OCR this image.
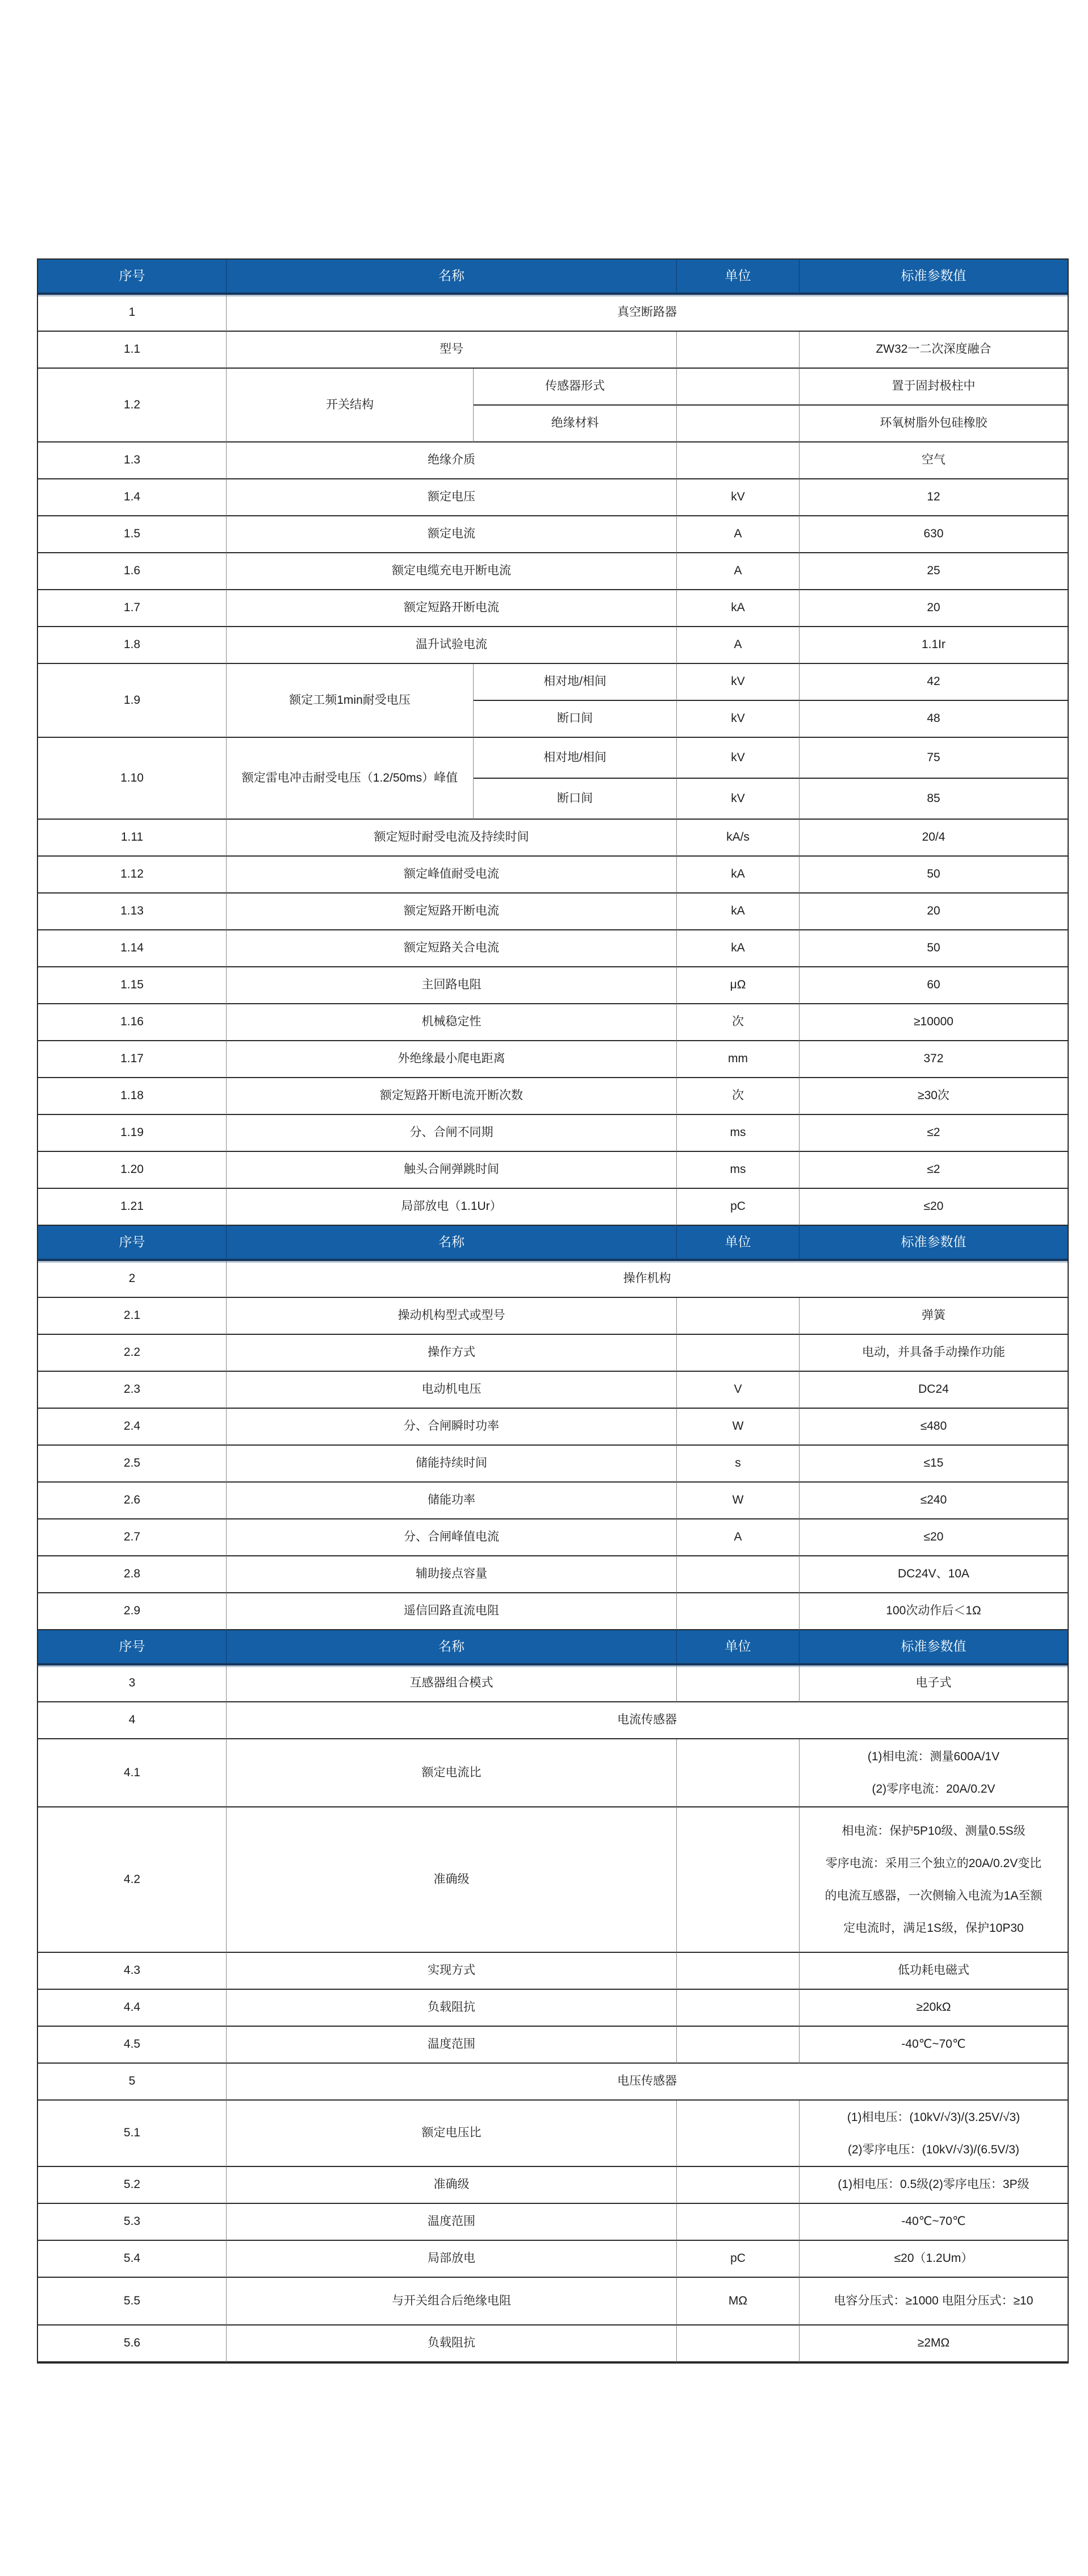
序号	名称		单位	标准参数值
1	真空断路器			
1.1	型号			ZW32一二次深度融合
1.2	开关结构	传感器形式		置于固封极柱中
		绝缘材料		环氧树脂外包硅橡胶
1.3	绝缘介质			空气
1.4	额定电压		kV	12
1.5	额定电流		A	630
1.6	额定电缆充电开断电流		A	25
1.7	额定短路开断电流		kA	20
1.8	温升试验电流		A	1.1Ir
1.9	额定工频1min耐受电压	相对地/相间	kV	42
		断口间	kV	48
1.10	额定雷电冲击耐受电压（1.2/50ms）峰值	相对地/相间	kV	75
		断口间	kV	85
1.11	额定短时耐受电流及持续时间		kA/s	20/4
1.12	额定峰值耐受电流		kA	50
1.13	额定短路开断电流		kA	20
1.14	额定短路关合电流		kA	50
1.15	主回路电阻		μΩ	60
1.16	机械稳定性		次	≥10000
1.17	外绝缘最小爬电距离		mm	372
1.18	额定短路开断电流开断次数		次	≥30次
1.19	分、合闸不同期		ms	≤2
1.20	触头合闸弹跳时间		ms	≤2
1.21	局部放电（1.1Ur）		pC	≤20
序号	名称		单位	标准参数值
2	操作机构			
2.1	操动机构型式或型号			弹簧
2.2	操作方式			电动，并具备手动操作功能
2.3	电动机电压		V	DC24
2.4	分、合闸瞬时功率		W	≤480
2.5	储能持续时间		s	≤15
2.6	储能功率		W	≤240
2.7	分、合闸峰值电流		A	≤20
2.8	辅助接点容量			DC24V、10A
2.9	遥信回路直流电阻			100次动作后＜1Ω
序号	名称		单位	标准参数值
3	互感器组合模式			电子式
4	电流传感器			
4.1	额定电流比			(1)相电流：测量600A/1V
(2)零序电流：20A/0.2V

4.2	准确级			相电流：保护5P10级、测量0.5S级
零序电流：采用三个独立的20A/0.2V变比
的电流互感器，一次侧输入电流为1A至额
定电流时，满足1S级，保护10P30

4.3	实现方式			低功耗电磁式
4.4	负载阻抗			≥20kΩ
4.5	温度范围			-40℃~70℃
5	电压传感器			
5.1	额定电压比			(1)相电压：(10kV/√3)/(3.25V/√3)
(2)零序电压：(10kV/√3)/(6.5V/3)

5.2	准确级			(1)相电压：0.5级(2)零序电压：3P级
5.3	温度范围			-40℃~70℃
5.4	局部放电		pC	≤20（1.2Um）
5.5	与开关组合后绝缘电阻		MΩ	电容分压式：≥1000 电阻分压式：≥10
5.6	负载阻抗			≥2MΩ
